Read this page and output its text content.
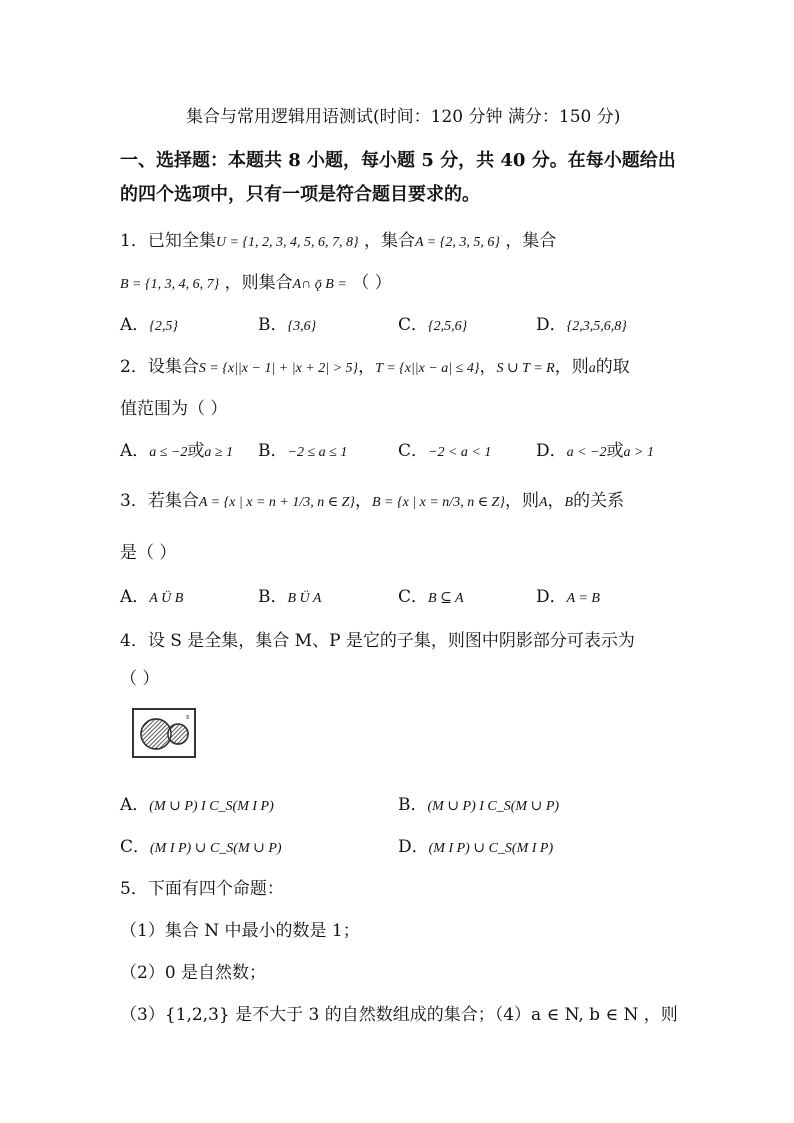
集合与常用逻辑用语测试(时间：120 分钟 满分：150 分)
一、选择题：本题共 8 小题，每小题 5 分，共 40 分。在每小题给出
的四个选项中，只有一项是符合题目要求的。
1．已知全集U = {1, 2, 3, 4, 5, 6, 7, 8} ，集合A = {2, 3, 5, 6} ，集合
B = {1, 3, 4, 6, 7} ，则集合A∩ ǭ B = （ ）
A．{2,5}	B．{3,6}	C．{2,5,6}	D．{2,3,5,6,8}
2．设集合S = {x||x − 1| + |x + 2| > 5}，T = {x||x − a| ≤ 4}，S ∪ T = R，则a的取
值范围为（ ）
A．a ≤ −2或a ≥ 1 B．−2 ≤ a ≤ 1	C．−2 < a < 1	D．a < −2或a > 1
3．若集合A = {x | x = n + 1/3, n ∈ Z}，B = {x | x = n/3, n ∈ Z}，则A，B的关系
是（ ）
A．A Ü B	B．B Ü A	C．B ⊆ A	D．A = B
4．设 S 是全集，集合 M、P 是它的子集，则图中阴影部分可表示为
（ ）
s
A．(M ∪ P) I C_S(M I P)	B．(M ∪ P) I C_S(M ∪ P)
C．(M I P) ∪ C_S(M ∪ P)	D．(M I P) ∪ C_S(M I P)
5．下面有四个命题：
（1）集合 N 中最小的数是 1；
（2）0 是自然数；
（3）{1,2,3} 是不大于 3 的自然数组成的集合；（4）a ∈ N, b ∈ N ，则
